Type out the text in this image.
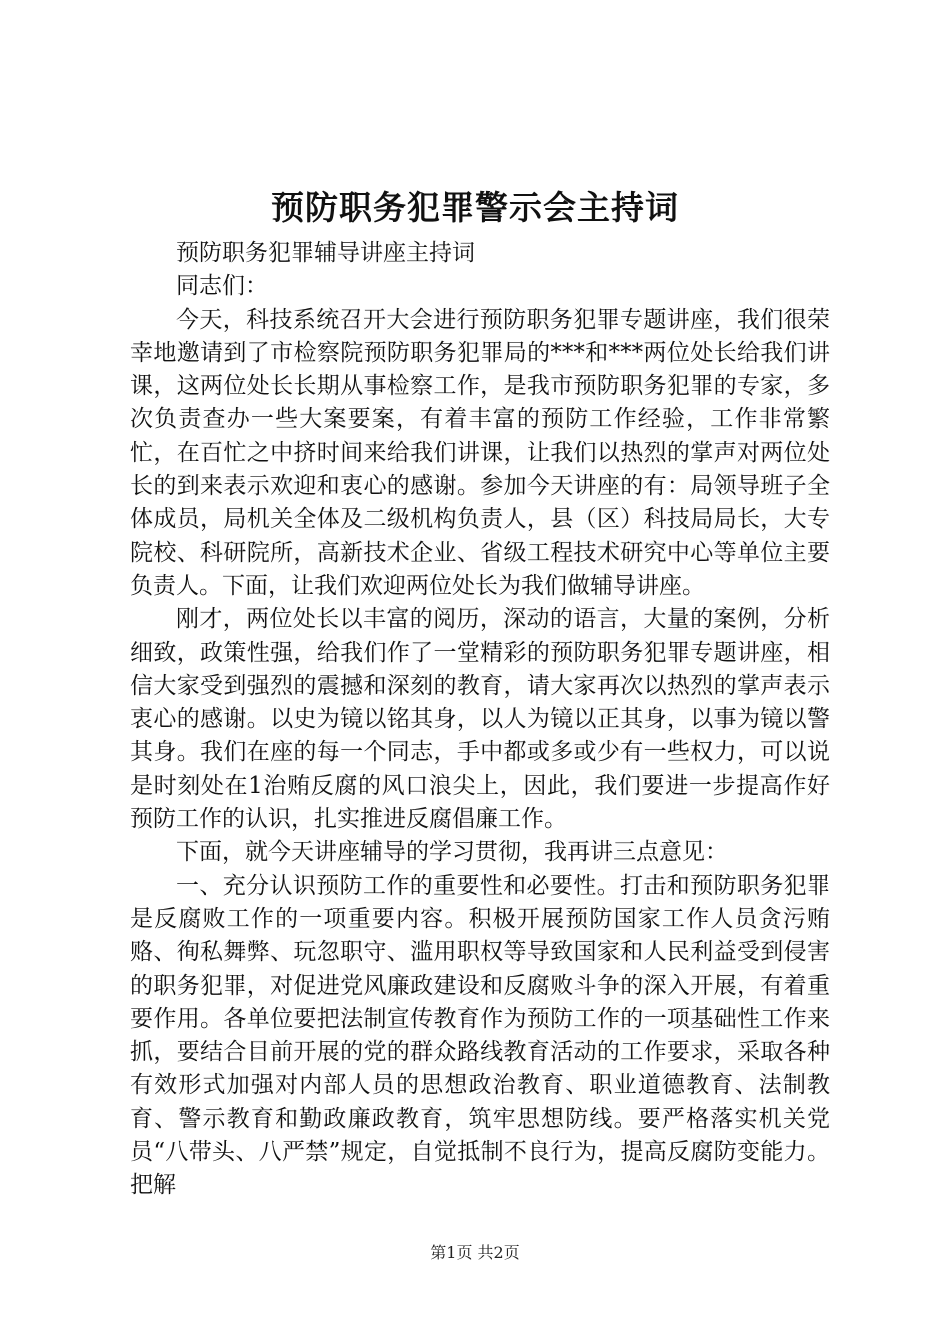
预防职务犯罪警示会主持词

预防职务犯罪辅导讲座主持词

同志们：

今天，科技系统召开大会进行预防职务犯罪专题讲座，我们很荣幸地邀请到了市检察院预防职务犯罪局的***和***两位处长给我们讲课，这两位处长长期从事检察工作，是我市预防职务犯罪的专家，多次负责查办一些大案要案，有着丰富的预防工作经验，工作非常繁忙，在百忙之中挤时间来给我们讲课，让我们以热烈的掌声对两位处长的到来表示欢迎和衷心的感谢。参加今天讲座的有：局领导班子全体成员，局机关全体及二级机构负责人，县（区）科技局局长，大专院校、科研院所，高新技术企业、省级工程技术研究中心等单位主要负责人。下面，让我们欢迎两位处长为我们做辅导讲座。

刚才，两位处长以丰富的阅历，深动的语言，大量的案例，分析细致，政策性强，给我们作了一堂精彩的预防职务犯罪专题讲座，相信大家受到强烈的震撼和深刻的教育，请大家再次以热烈的掌声表示衷心的感谢。以史为镜以铭其身，以人为镜以正其身，以事为镜以警其身。我们在座的每一个同志，手中都或多或少有一些权力，可以说是时刻处在1治贿反腐的风口浪尖上，因此，我们要进一步提高作好预防工作的认识，扎实推进反腐倡廉工作。

下面，就今天讲座辅导的学习贯彻，我再讲三点意见：

一、充分认识预防工作的重要性和必要性。打击和预防职务犯罪是反腐败工作的一项重要内容。积极开展预防国家工作人员贪污贿赂、徇私舞弊、玩忽职守、滥用职权等导致国家和人民利益受到侵害的职务犯罪，对促进党风廉政建设和反腐败斗争的深入开展，有着重要作用。各单位要把法制宣传教育作为预防工作的一项基础性工作来抓，要结合目前开展的党的群众路线教育活动的工作要求，采取各种有效形式加强对内部人员的思想政治教育、职业道德教育、法制教育、警示教育和勤政廉政教育，筑牢思想防线。要严格落实机关党员“八带头、八严禁”规定，自觉抵制不良行为，提高反腐防变能力。把解

第1页 共2页
